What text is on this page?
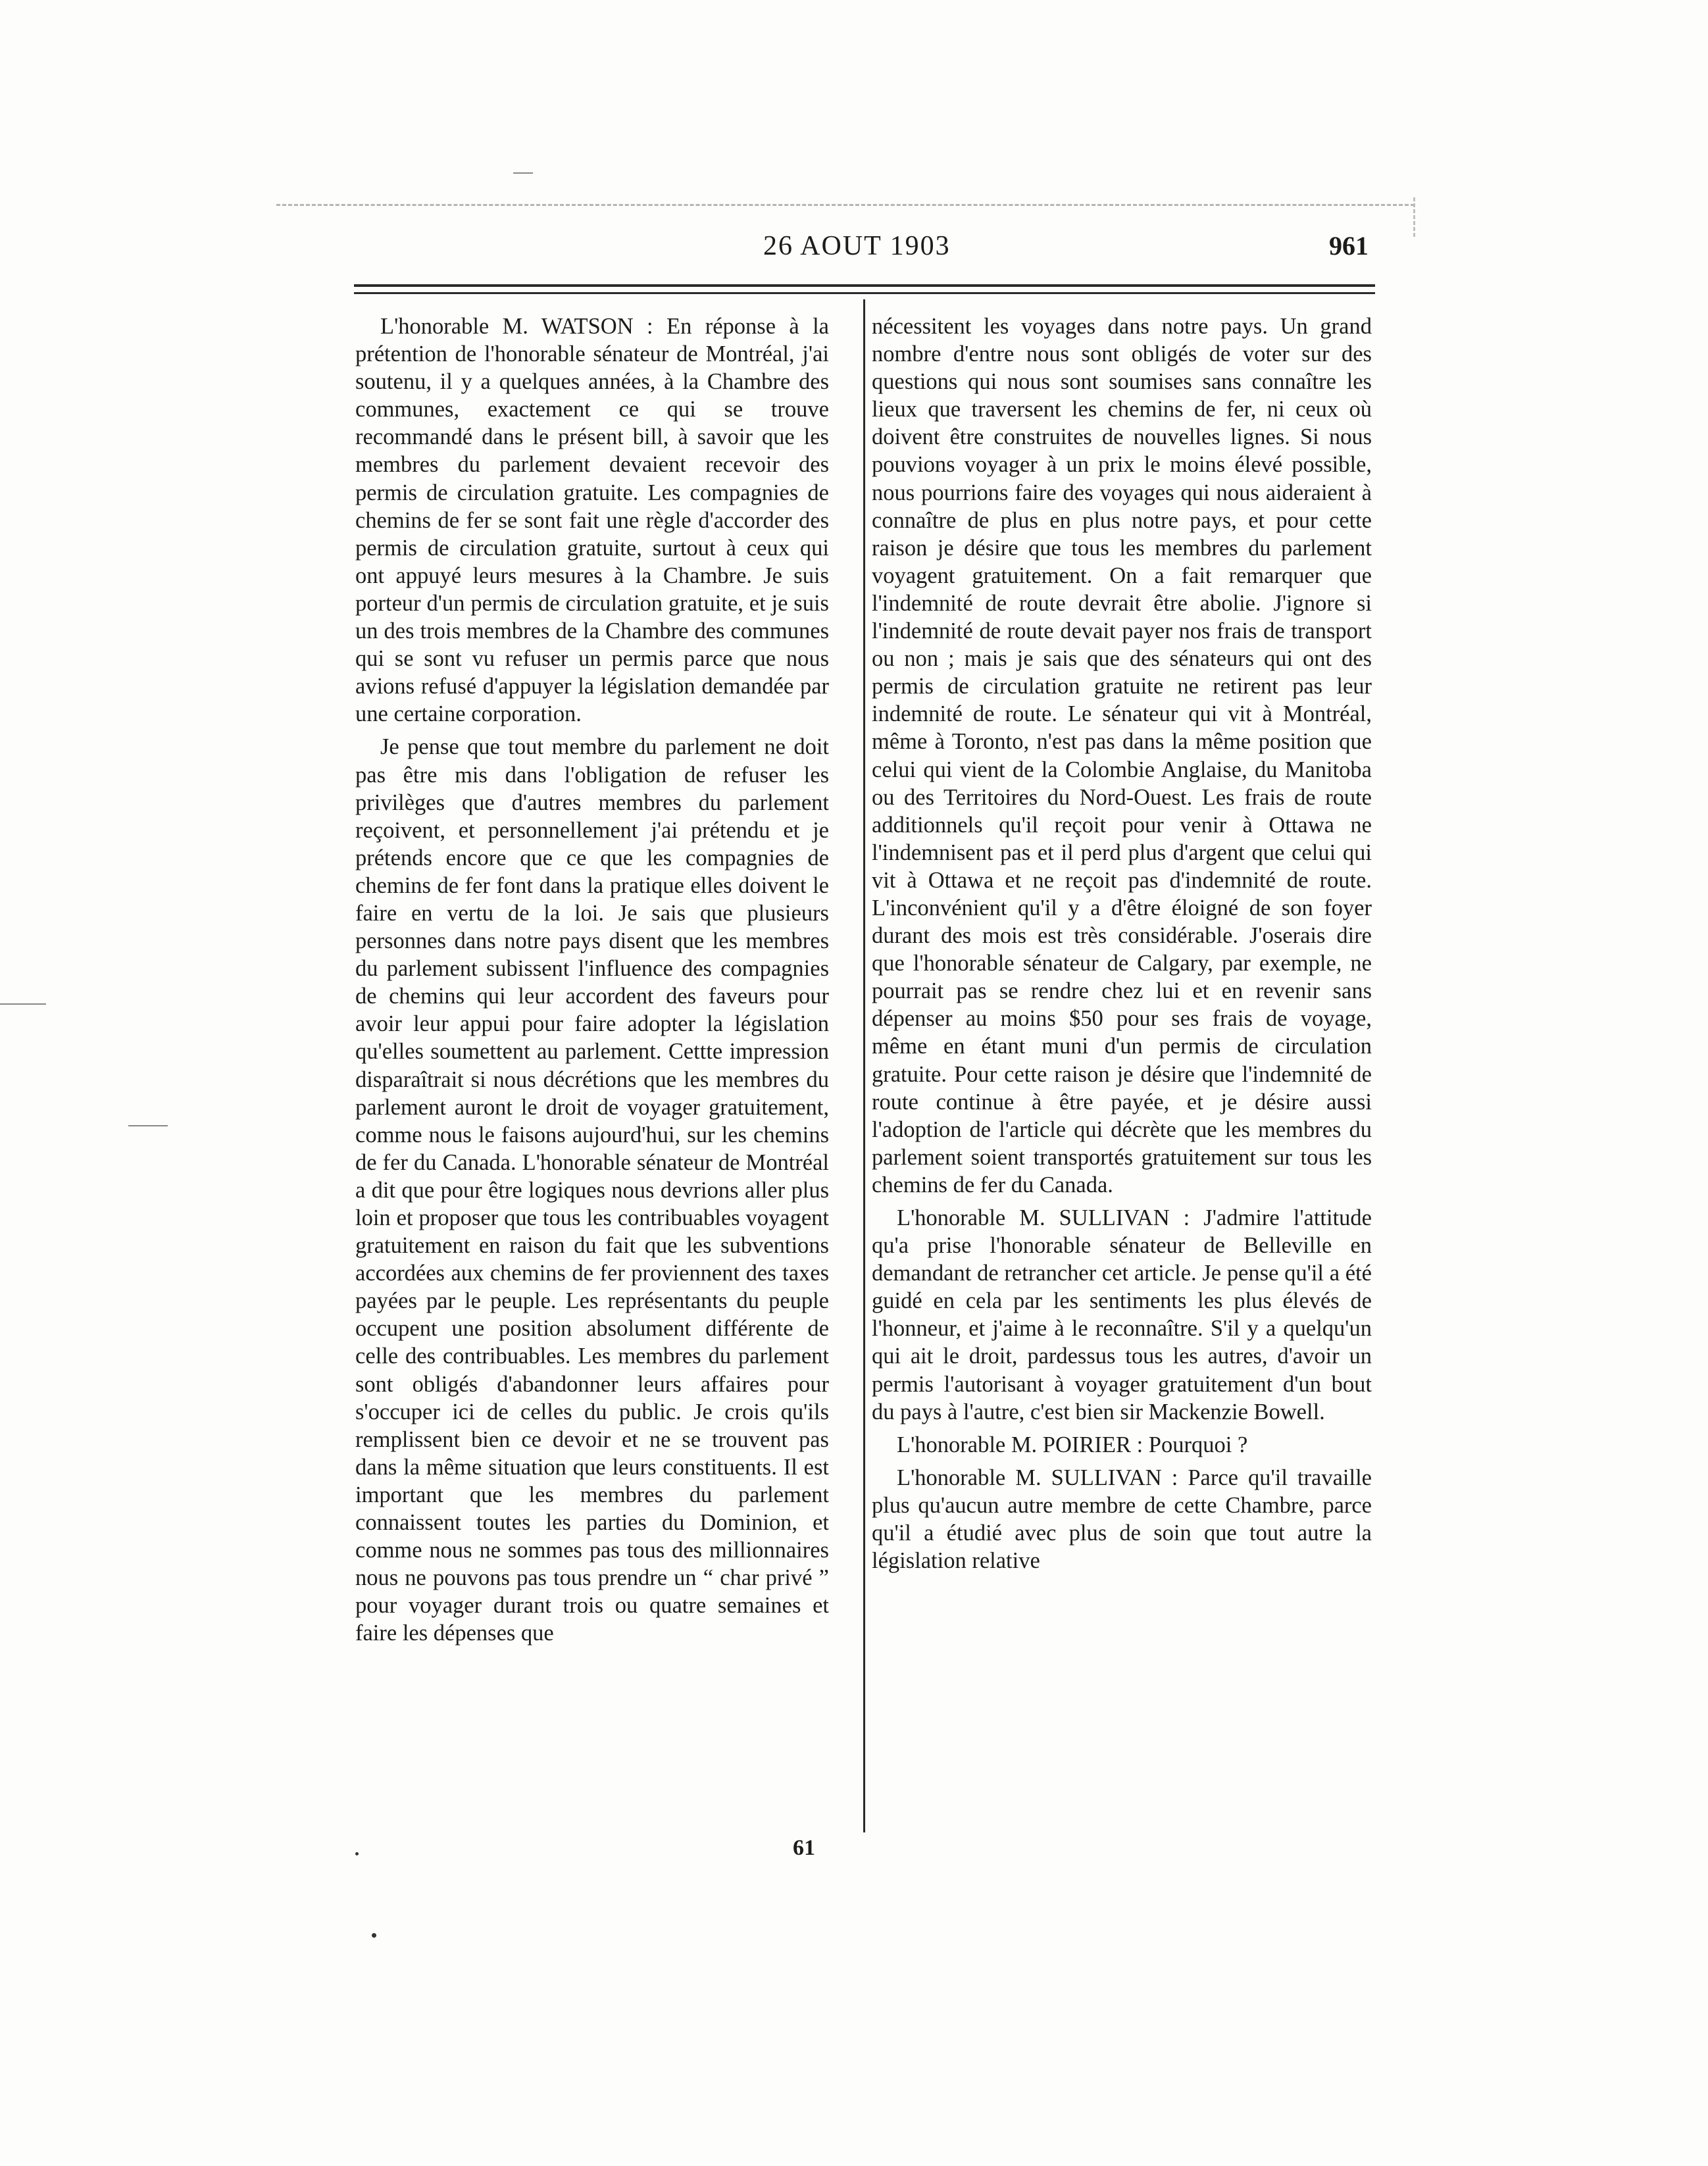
26 AOUT 1903	961

L'honorable M. WATSON : En réponse à la prétention de l'honorable sénateur de Montréal, j'ai soutenu, il y a quelques années, à la Chambre des communes, exactement ce qui se trouve recommandé dans le présent bill, à savoir que les membres du parlement devaient recevoir des permis de circulation gratuite. Les compagnies de chemins de fer se sont fait une règle d'accorder des permis de circulation gratuite, surtout à ceux qui ont appuyé leurs mesures à la Chambre. Je suis porteur d'un permis de circulation gratuite, et je suis un des trois membres de la Chambre des communes qui se sont vu refuser un permis parce que nous avions refusé d'appuyer la législation demandée par une certaine corporation.

Je pense que tout membre du parlement ne doit pas être mis dans l'obligation de refuser les privilèges que d'autres membres du parlement reçoivent, et personnellement j'ai prétendu et je prétends encore que ce que les compagnies de chemins de fer font dans la pratique elles doivent le faire en vertu de la loi. Je sais que plusieurs personnes dans notre pays disent que les membres du parlement subissent l'influence des compagnies de chemins qui leur accordent des faveurs pour avoir leur appui pour faire adopter la législation qu'elles soumettent au parlement. Cettte impression disparaîtrait si nous décrétions que les membres du parlement auront le droit de voyager gratuitement, comme nous le faisons aujourd'hui, sur les chemins de fer du Canada. L'honorable sénateur de Montréal a dit que pour être logiques nous devrions aller plus loin et proposer que tous les contribuables voyagent gratuitement en raison du fait que les subventions accordées aux chemins de fer proviennent des taxes payées par le peuple. Les représentants du peuple occupent une position absolument différente de celle des contribuables. Les membres du parlement sont obligés d'abandonner leurs affaires pour s'occuper ici de celles du public. Je crois qu'ils remplissent bien ce devoir et ne se trouvent pas dans la même situation que leurs constituents. Il est important que les membres du parlement connaissent toutes les parties du Dominion, et comme nous ne sommes pas tous des millionnaires nous ne pouvons pas tous prendre un “ char privé ” pour voyager durant trois ou quatre semaines et faire les dépenses que

nécessitent les voyages dans notre pays. Un grand nombre d'entre nous sont obligés de voter sur des questions qui nous sont soumises sans connaître les lieux que traversent les chemins de fer, ni ceux où doivent être construites de nouvelles lignes. Si nous pouvions voyager à un prix le moins élevé possible, nous pourrions faire des voyages qui nous aideraient à connaître de plus en plus notre pays, et pour cette raison je désire que tous les membres du parlement voyagent gratuitement. On a fait remarquer que l'indemnité de route devrait être abolie. J'ignore si l'indemnité de route devait payer nos frais de transport ou non ; mais je sais que des sénateurs qui ont des permis de circulation gratuite ne retirent pas leur indemnité de route. Le sénateur qui vit à Montréal, même à Toronto, n'est pas dans la même position que celui qui vient de la Colombie Anglaise, du Manitoba ou des Territoires du Nord-Ouest. Les frais de route additionnels qu'il reçoit pour venir à Ottawa ne l'indemnisent pas et il perd plus d'argent que celui qui vit à Ottawa et ne reçoit pas d'indemnité de route. L'inconvénient qu'il y a d'être éloigné de son foyer durant des mois est très considérable. J'oserais dire que l'honorable sénateur de Calgary, par exemple, ne pourrait pas se rendre chez lui et en revenir sans dépenser au moins $50 pour ses frais de voyage, même en étant muni d'un permis de circulation gratuite. Pour cette raison je désire que l'indemnité de route continue à être payée, et je désire aussi l'adoption de l'article qui décrète que les membres du parlement soient transportés gratuitement sur tous les chemins de fer du Canada.

L'honorable M. SULLIVAN : J'admire l'attitude qu'a prise l'honorable sénateur de Belleville en demandant de retrancher cet article. Je pense qu'il a été guidé en cela par les sentiments les plus élevés de l'honneur, et j'aime à le reconnaître. S'il y a quelqu'un qui ait le droit, pardessus tous les autres, d'avoir un permis l'autorisant à voyager gratuitement d'un bout du pays à l'autre, c'est bien sir Mackenzie Bowell.

L'honorable M. POIRIER : Pourquoi ?

L'honorable M. SULLIVAN : Parce qu'il travaille plus qu'aucun autre membre de cette Chambre, parce qu'il a étudié avec plus de soin que tout autre la législation relative

61
